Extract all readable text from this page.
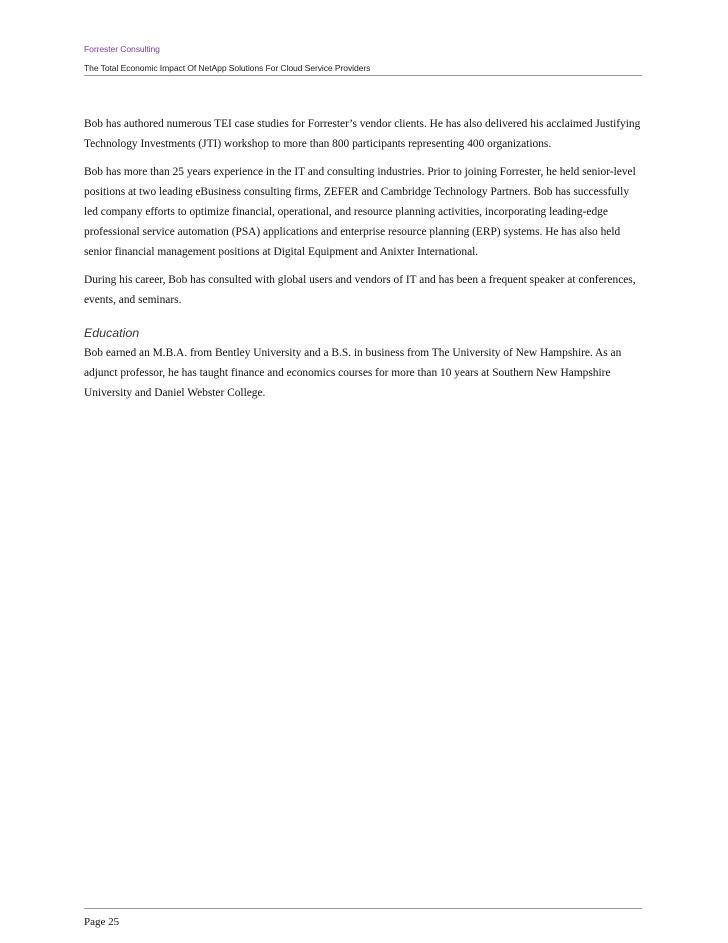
Forrester Consulting
The Total Economic Impact Of NetApp Solutions For Cloud Service Providers

Bob has authored numerous TEI case studies for Forrester’s vendor clients. He has also delivered his acclaimed Justifying Technology Investments (JTI) workshop to more than 800 participants representing 400 organizations.

Bob has more than 25 years experience in the IT and consulting industries. Prior to joining Forrester, he held senior-level positions at two leading eBusiness consulting firms, ZEFER and Cambridge Technology Partners. Bob has successfully led company efforts to optimize financial, operational, and resource planning activities, incorporating leading-edge professional service automation (PSA) applications and enterprise resource planning (ERP) systems. He has also held senior financial management positions at Digital Equipment and Anixter International.

During his career, Bob has consulted with global users and vendors of IT and has been a frequent speaker at conferences, events, and seminars.

Education

Bob earned an M.B.A. from Bentley University and a B.S. in business from The University of New Hampshire. As an adjunct professor, he has taught finance and economics courses for more than 10 years at Southern New Hampshire University and Daniel Webster College.

Page 25
